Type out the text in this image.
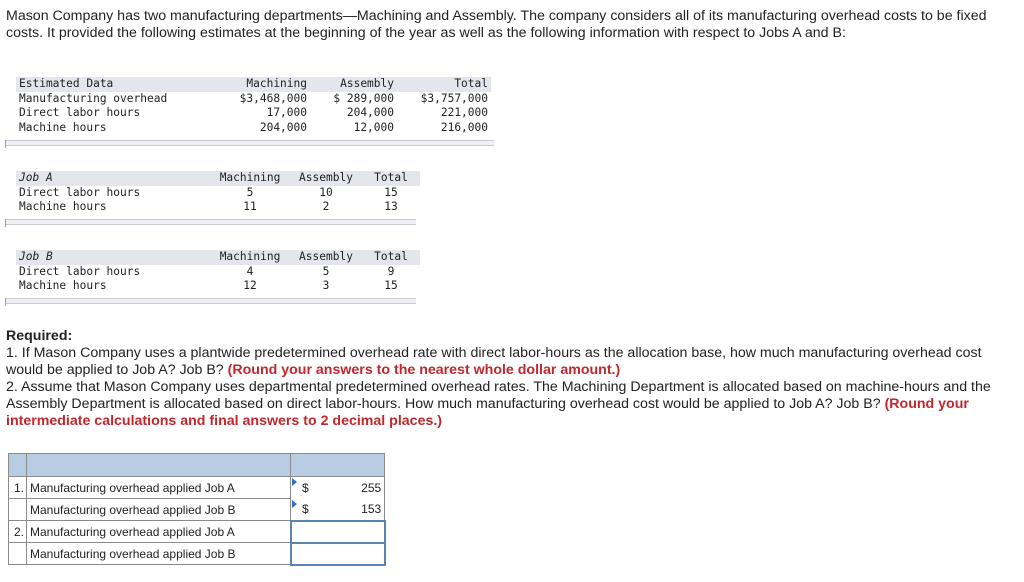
Mason Company has two manufacturing departments—Machining and Assembly. The company considers all of its manufacturing overhead costs to be fixed costs. It provided the following estimates at the beginning of the year as well as the following information with respect to Jobs A and B:

Estimated Data	Machining	Assembly	Total
Manufacturing overhead	$3,468,000	$ 289,000	$3,757,000
Direct labor hours	17,000	204,000	221,000
Machine hours	204,000	12,000	216,000
Job A	Machining	Assembly	Total
Direct labor hours	5	10	15
Machine hours	11	2	13
Job B	Machining	Assembly	Total
Direct labor hours	4	5	9
Machine hours	12	3	15

Required:

1. If Mason Company uses a plantwide predetermined overhead rate with direct labor-hours as the allocation base, how much manufacturing overhead cost would be applied to Job A? Job B? (Round your answers to the nearest whole dollar amount.)

2. Assume that Mason Company uses departmental predetermined overhead rates. The Machining Department is allocated based on machine-hours and the Assembly Department is allocated based on direct labor-hours. How much manufacturing overhead cost would be applied to Job A? Job B? (Round your intermediate calculations and final answers to 2 decimal places.)

1.	Manufacturing overhead applied Job A	$	255
	Manufacturing overhead applied Job B	$	153
2.	Manufacturing overhead applied Job A		
	Manufacturing overhead applied Job B		
